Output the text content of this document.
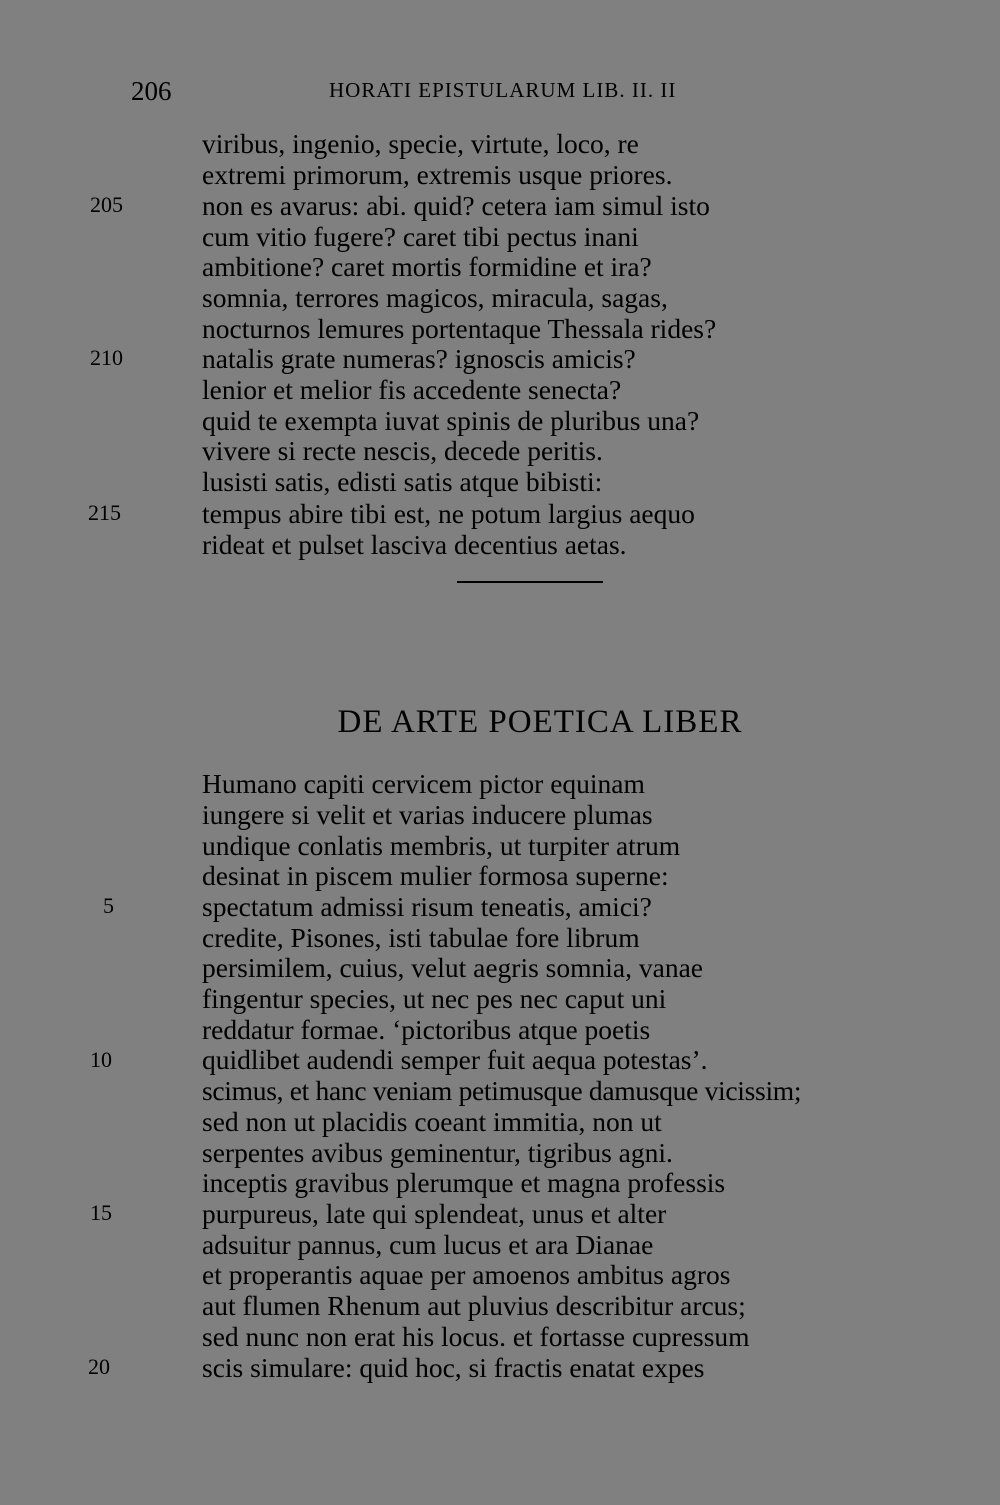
206	HORATI EPISTULARUM LIB. II. II
viribus, ingenio, specie, virtute, loco, re
extremi primorum, extremis usque priores.
non es avarus: abi. quid? cetera iam simul isto
cum vitio fugere? caret tibi pectus inani
ambitione? caret mortis formidine et ira?
somnia, terrores magicos, miracula, sagas,
nocturnos lemures portentaque Thessala rides?
natalis grate numeras? ignoscis amicis?
lenior et melior fis accedente senecta?
quid te exempta iuvat spinis de pluribus una?
vivere si recte nescis, decede peritis.
lusisti satis, edisti satis atque bibisti:
tempus abire tibi est, ne potum largius aequo
rideat et pulset lasciva decentius aetas.
205
210
215
DE ARTE POETICA LIBER
Humano capiti cervicem pictor equinam
iungere si velit et varias inducere plumas
undique conlatis membris, ut turpiter atrum
desinat in piscem mulier formosa superne:
spectatum admissi risum teneatis, amici?
credite, Pisones, isti tabulae fore librum
persimilem, cuius, velut aegris somnia, vanae
fingentur species, ut nec pes nec caput uni
reddatur formae. ‘pictoribus atque poetis
quidlibet audendi semper fuit aequa potestas’.
scimus, et hanc veniam petimusque damusque vicissim;
sed non ut placidis coeant immitia, non ut
serpentes avibus geminentur, tigribus agni.
inceptis gravibus plerumque et magna professis
purpureus, late qui splendeat, unus et alter
adsuitur pannus, cum lucus et ara Dianae
et properantis aquae per amoenos ambitus agros
aut flumen Rhenum aut pluvius describitur arcus;
sed nunc non erat his locus. et fortasse cupressum
scis simulare: quid hoc, si fractis enatat expes
5
10
15
20
